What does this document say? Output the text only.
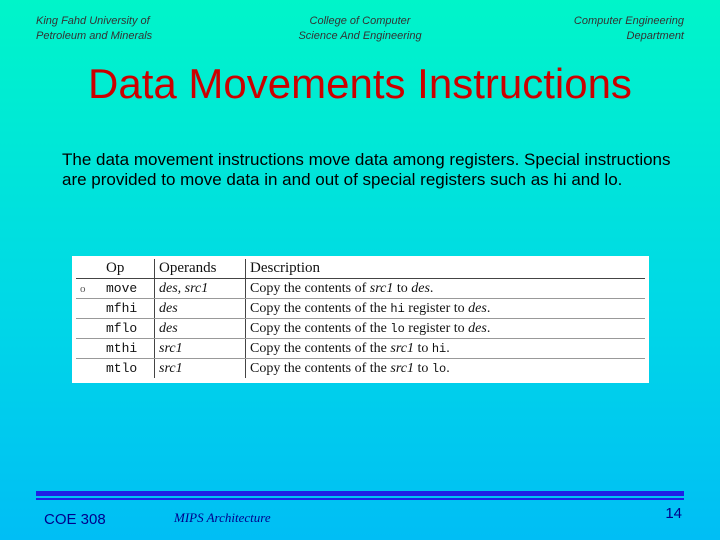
King Fahd University of
Petroleum and Minerals
College of Computer
Science And Engineering
Computer Engineering
Department
Data Movements Instructions

The data movement instructions move data among registers. Special instructions are provided to move data in and out of special registers such as hi and lo.

	Op	Operands	Description
o	move	des, src1	Copy the contents of src1 to des.
	mfhi	des	Copy the contents of the hi register to des.
	mflo	des	Copy the contents of the lo register to des.
	mthi	src1	Copy the contents of the src1 to hi.
	mtlo	src1	Copy the contents of the src1 to lo.

COE 308	MIPS Architecture	14
